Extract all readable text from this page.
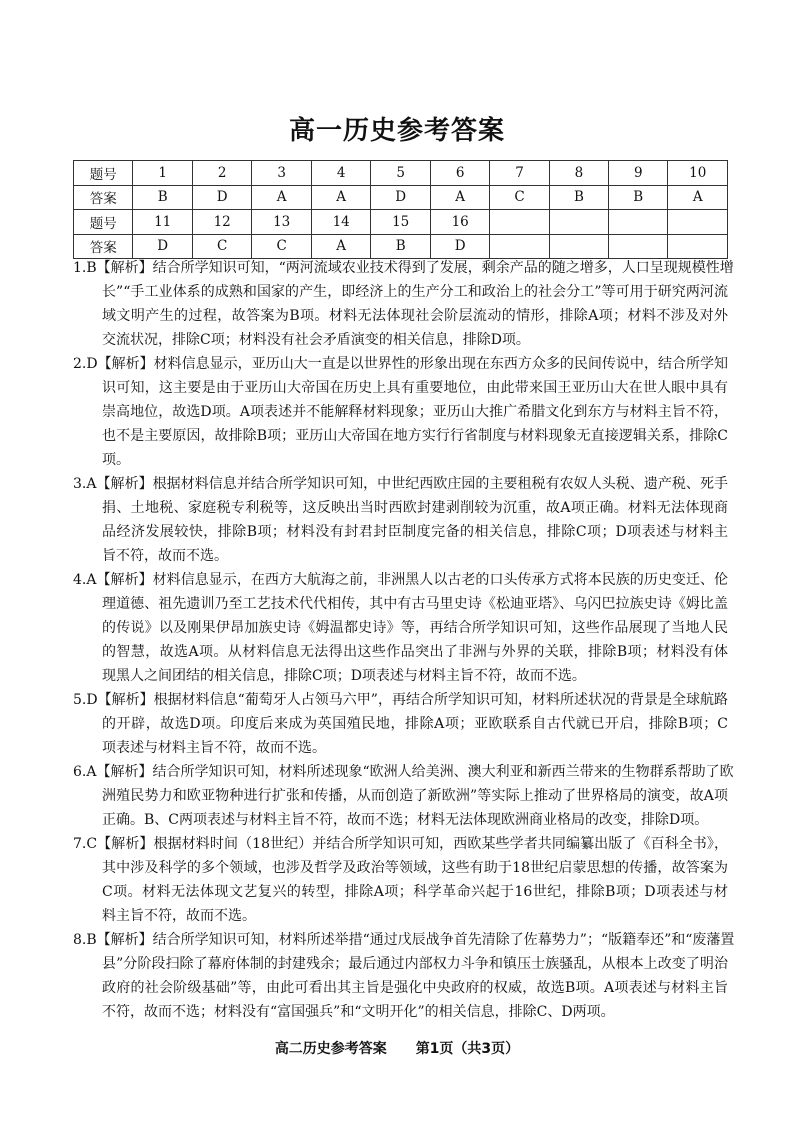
高一历史参考答案
题号	1	2	3	4	5	6	7	8	9	10
答案	B	D	A	A	D	A	C	B	B	A
题号	11	12	13	14	15	16				
答案	D	C	C	A	B	D				
1.B【解析】结合所学知识可知，“两河流域农业技术得到了发展，剩余产品的随之增多，人口呈现规模性增
长”“手工业体系的成熟和国家的产生，即经济上的生产分工和政治上的社会分工”等可用于研究两河流
域文明产生的过程，故答案为B项。材料无法体现社会阶层流动的情形，排除A项；材料不涉及对外
交流状况，排除C项；材料没有社会矛盾演变的相关信息，排除D项。
2.D【解析】材料信息显示，亚历山大一直是以世界性的形象出现在东西方众多的民间传说中，结合所学知
识可知，这主要是由于亚历山大帝国在历史上具有重要地位，由此带来国王亚历山大在世人眼中具有
崇高地位，故选D项。A项表述并不能解释材料现象；亚历山大推广希腊文化到东方与材料主旨不符，
也不是主要原因，故排除B项；亚历山大帝国在地方实行行省制度与材料现象无直接逻辑关系，排除C
项。
3.A【解析】根据材料信息并结合所学知识可知，中世纪西欧庄园的主要租税有农奴人头税、遗产税、死手
捐、土地税、家庭税专利税等，这反映出当时西欧封建剥削较为沉重，故A项正确。材料无法体现商
品经济发展较快，排除B项；材料没有封君封臣制度完备的相关信息，排除C项；D项表述与材料主
旨不符，故而不选。
4.A【解析】材料信息显示，在西方大航海之前，非洲黑人以古老的口头传承方式将本民族的历史变迁、伦
理道德、祖先遗训乃至工艺技术代代相传，其中有古马里史诗《松迪亚塔》、乌闪巴拉族史诗《姆比盖
的传说》以及刚果伊昂加族史诗《姆温都史诗》等，再结合所学知识可知，这些作品展现了当地人民
的智慧，故选A项。从材料信息无法得出这些作品突出了非洲与外界的关联，排除B项；材料没有体
现黑人之间团结的相关信息，排除C项；D项表述与材料主旨不符，故而不选。
5.D【解析】根据材料信息“葡萄牙人占领马六甲”，再结合所学知识可知，材料所述状况的背景是全球航路
的开辟，故选D项。印度后来成为英国殖民地，排除A项；亚欧联系自古代就已开启，排除B项；C
项表述与材料主旨不符，故而不选。
6.A【解析】结合所学知识可知，材料所述现象“欧洲人给美洲、澳大利亚和新西兰带来的生物群系帮助了欧
洲殖民势力和欧亚物种进行扩张和传播，从而创造了新欧洲”等实际上推动了世界格局的演变，故A项
正确。B、C两项表述与材料主旨不符，故而不选；材料无法体现欧洲商业格局的改变，排除D项。
7.C【解析】根据材料时间（18世纪）并结合所学知识可知，西欧某些学者共同编纂出版了《百科全书》，
其中涉及科学的多个领域，也涉及哲学及政治等领域，这些有助于18世纪启蒙思想的传播，故答案为
C项。材料无法体现文艺复兴的转型，排除A项；科学革命兴起于16世纪，排除B项；D项表述与材
料主旨不符，故而不选。
8.B【解析】结合所学知识可知，材料所述举措“通过戊辰战争首先清除了佐幕势力”；“版籍奉还”和“废藩置
县”分阶段扫除了幕府体制的封建残余；最后通过内部权力斗争和镇压士族骚乱，从根本上改变了明治
政府的社会阶级基础”等，由此可看出其主旨是强化中央政府的权威，故选B项。A项表述与材料主旨
不符，故而不选；材料没有“富国强兵”和“文明开化”的相关信息，排除C、D两项。
高二历史参考答案 第1页（共3页）
